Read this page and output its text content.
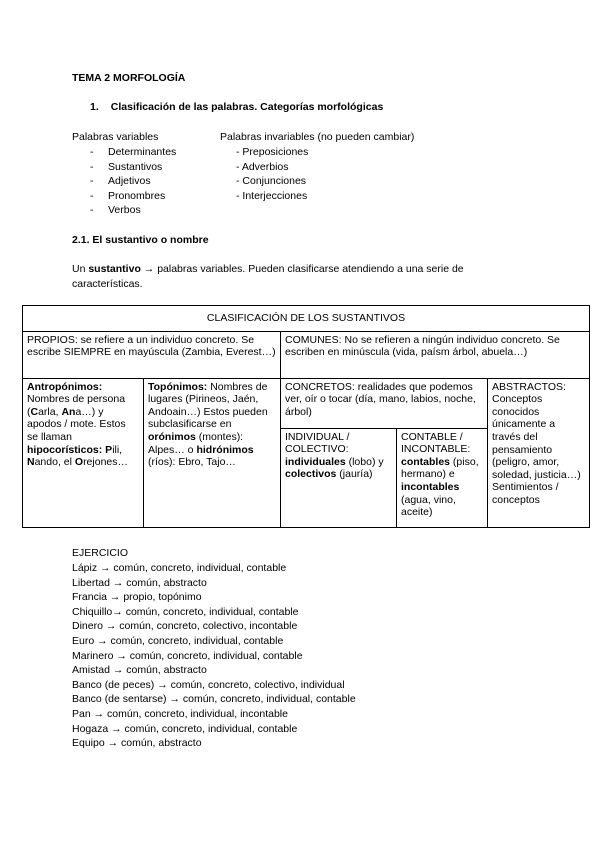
TEMA 2 MORFOLOGÍA
1. Clasificación de las palabras. Categorías morfológicas
Palabras variables
- Determinantes
- Sustantivos
- Adjetivos
- Pronombres
- Verbos
Palabras invariables (no pueden cambiar)
- Preposiciones
- Adverbios
- Conjunciones
- Interjecciones
2.1. El sustantivo o nombre
Un sustantivo → palabras variables. Pueden clasificarse atendiendo a una serie de
características.
CLASIFICACIÓN DE LOS SUSTANTIVOS				
PROPIOS: se refiere a un individuo concreto. Se escribe SIEMPRE en mayúscula (Zambia, Everest…)		COMUNES: No se refieren a ningún individuo concreto. Se escriben en minúscula (vida, paísm árbol, abuela…)		
Antropónimos: Nombres de persona (Carla, Ana…) y apodos / mote. Estos se llaman hipocorísticos: Pili, Nando, el Orejones…	Topónimos: Nombres de lugares (Pirineos, Jaén, Andoain…) Estos pueden subclasificarse en orónimos (montes): Alpes… o hidrónimos (ríos): Ebro, Tajo…	CONCRETOS: realidades que podemos ver, oír o tocar (día, mano, labios, noche, árbol)		ABSTRACTOS: Conceptos conocidos únicamente a través del pensamiento (peligro, amor, soledad, justicia…) Sentimientos / conceptos
		INDIVIDUAL / COLECTIVO: individuales (lobo) y colectivos (jauría)	CONTABLE / INCONTABLE: contables (piso, hermano) e incontables (agua, vino, aceite)	
EJERCICIO
Lápiz → común, concreto, individual, contable
Libertad → común, abstracto
Francia → propio, topónimo
Chiquillo→ común, concreto, individual, contable
Dinero → común, concreto, colectivo, incontable
Euro → común, concreto, individual, contable
Marinero → común, concreto, individual, contable
Amistad → común, abstracto
Banco (de peces) → común, concreto, colectivo, individual
Banco (de sentarse) → común, concreto, individual, contable
Pan → común, concreto, individual, incontable
Hogaza → común, concreto, individual, contable
Equipo → común, abstracto
